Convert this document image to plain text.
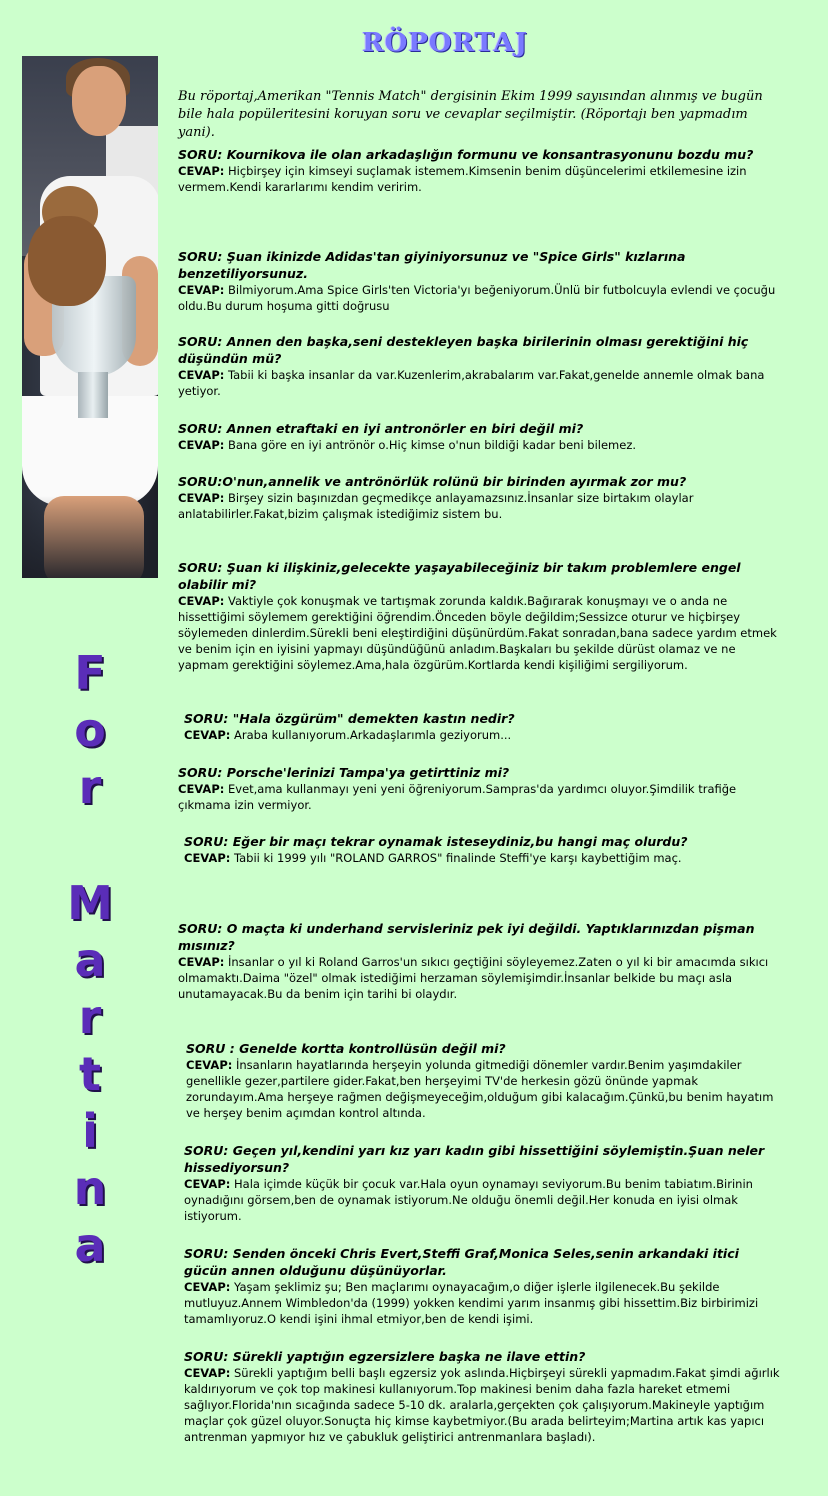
RÖPORTAJ
F
o
r
M
a
r
t
i
n
a
Bu röportaj,Amerikan "Tennis Match" dergisinin Ekim 1999 sayısından alınmış ve bugün bile hala popüleritesini koruyan soru ve cevaplar seçilmiştir. (Röportajı ben yapmadım yani).
SORU: Kournikova ile olan arkadaşlığın formunu ve konsantrasyonunu bozdu mu?
CEVAP: Hiçbirşey için kimseyi suçlamak istemem.Kimsenin benim düşüncelerimi etkilemesine izin vermem.Kendi kararlarımı kendim veririm.
SORU: Şuan ikinizde Adidas'tan giyiniyorsunuz ve "Spice Girls" kızlarına benzetiliyorsunuz.
CEVAP: Bilmiyorum.Ama Spice Girls'ten Victoria'yı beğeniyorum.Ünlü bir futbolcuyla evlendi ve çocuğu oldu.Bu durum hoşuma gitti doğrusu
SORU: Annen den başka,seni destekleyen başka birilerinin olması gerektiğini hiç düşündün mü?
CEVAP: Tabii ki başka insanlar da var.Kuzenlerim,akrabalarım var.Fakat,genelde annemle olmak bana yetiyor.
SORU: Annen etraftaki en iyi antronörler en biri değil mi?
CEVAP: Bana göre en iyi antrönör o.Hiç kimse o'nun bildiği kadar beni bilemez.
SORU:O'nun,annelik ve antrönörlük rolünü bir birinden ayırmak zor mu?
CEVAP: Birşey sizin başınızdan geçmedikçe anlayamazsınız.İnsanlar size birtakım olaylar anlatabilirler.Fakat,bizim çalışmak istediğimiz sistem bu.
SORU: Şuan ki ilişkiniz,gelecekte yaşayabileceğiniz bir takım problemlere engel olabilir mi?
CEVAP: Vaktiyle çok konuşmak ve tartışmak zorunda kaldık.Bağırarak konuşmayı ve o anda ne hissettiğimi söylemem gerektiğini öğrendim.Önceden böyle değildim;Sessizce oturur ve hiçbirşey söylemeden dinlerdim.Sürekli beni eleştirdiğini düşünürdüm.Fakat sonradan,bana sadece yardım etmek ve benim için en iyisini yapmayı düşündüğünü anladım.Başkaları bu şekilde dürüst olamaz ve ne yapmam gerektiğini söylemez.Ama,hala özgürüm.Kortlarda kendi kişiliğimi sergiliyorum.
SORU: "Hala özgürüm" demekten kastın nedir?
CEVAP: Araba kullanıyorum.Arkadaşlarımla geziyorum...
SORU: Porsche'lerinizi Tampa'ya getirttiniz mi?
CEVAP: Evet,ama kullanmayı yeni yeni öğreniyorum.Sampras'da yardımcı oluyor.Şimdilik trafiğe çıkmama izin vermiyor.
SORU: Eğer bir maçı tekrar oynamak isteseydiniz,bu hangi maç olurdu?
CEVAP: Tabii ki 1999 yılı "ROLAND GARROS" finalinde Steffi'ye karşı kaybettiğim maç.
SORU: O maçta ki underhand servisleriniz pek iyi değildi. Yaptıklarınızdan pişman mısınız?
CEVAP: İnsanlar o yıl ki Roland Garros'un sıkıcı geçtiğini söyleyemez.Zaten o yıl ki bir amacımda sıkıcı olmamaktı.Daima "özel" olmak istediğimi herzaman söylemişimdir.İnsanlar belkide bu maçı asla unutamayacak.Bu da benim için tarihi bi olaydır.
SORU : Genelde kortta kontrollüsün değil mi?
CEVAP: İnsanların hayatlarında herşeyin yolunda gitmediği dönemler vardır.Benim yaşımdakiler genellikle gezer,partilere gider.Fakat,ben herşeyimi TV'de herkesin gözü önünde yapmak zorundayım.Ama herşeye rağmen değişmeyeceğim,olduğum gibi kalacağım.Çünkü,bu benim hayatım ve herşey benim açımdan kontrol altında.
SORU: Geçen yıl,kendini yarı kız yarı kadın gibi hissettiğini söylemiştin.Şuan neler hissediyorsun?
CEVAP: Hala içimde küçük bir çocuk var.Hala oyun oynamayı seviyorum.Bu benim tabiatım.Birinin oynadığını görsem,ben de oynamak istiyorum.Ne olduğu önemli değil.Her konuda en iyisi olmak istiyorum.
SORU: Senden önceki Chris Evert,Steffi Graf,Monica Seles,senin arkandaki itici gücün annen olduğunu düşünüyorlar.
CEVAP: Yaşam şeklimiz şu; Ben maçlarımı oynayacağım,o diğer işlerle ilgilenecek.Bu şekilde mutluyuz.Annem Wimbledon'da (1999) yokken kendimi yarım insanmış gibi hissettim.Biz birbirimizi tamamlıyoruz.O kendi işini ihmal etmiyor,ben de kendi işimi.
SORU: Sürekli yaptığın egzersizlere başka ne ilave ettin?
CEVAP: Sürekli yaptığım belli başlı egzersiz yok aslında.Hiçbirşeyi sürekli yapmadım.Fakat şimdi ağırlık kaldırıyorum ve çok top makinesi kullanıyorum.Top makinesi benim daha fazla hareket etmemi sağlıyor.Florida'nın sıcağında sadece 5-10 dk. aralarla,gerçekten çok çalışıyorum.Makineyle yaptığım maçlar çok güzel oluyor.Sonuçta hiç kimse kaybetmiyor.(Bu arada belirteyim;Martina artık kas yapıcı antrenman yapmıyor hız ve çabukluk geliştirici antrenmanlara başladı).
